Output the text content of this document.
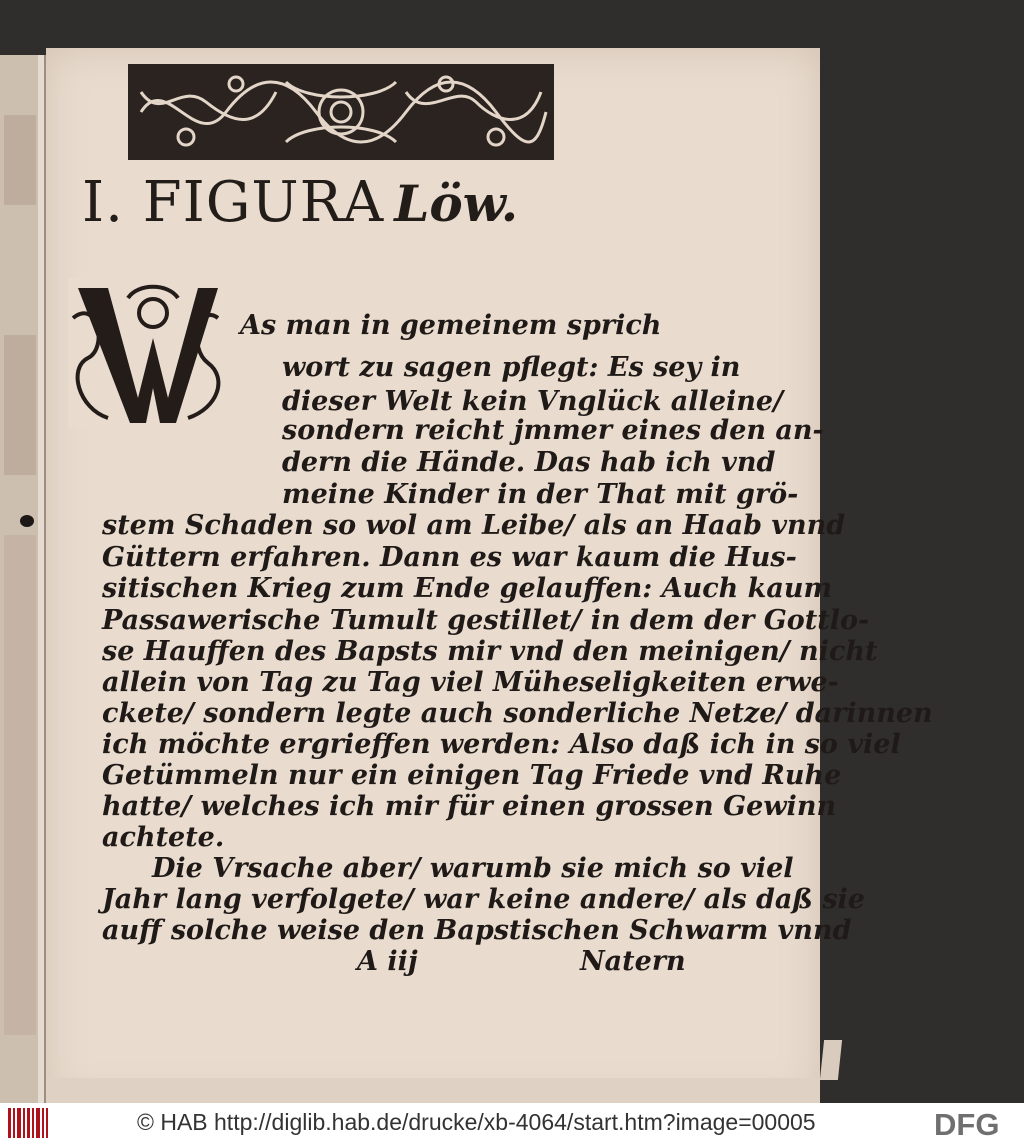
I. FIGURA Löw.
As man in gemeinem sprich
wort zu sagen pflegt: Es sey in
dieser Welt kein Vnglück alleine/
sondern reicht jmmer eines den an-
dern die Hände. Das hab ich vnd
meine Kinder in der That mit grö-
stem Schaden so wol am Leibe/ als an Haab vnnd
Güttern erfahren. Dann es war kaum die Hus-
sitischen Krieg zum Ende gelauffen: Auch kaum
Passawerische Tumult gestillet/ in dem der Gottlo-
se Hauffen des Bapsts mir vnd den meinigen/ nicht
allein von Tag zu Tag viel Müheseligkeiten erwe-
ckete/ sondern legte auch sonderliche Netze/ darinnen
ich möchte ergrieffen werden: Also daß ich in so viel
Getümmeln nur ein einigen Tag Friede vnd Ruhe
hatte/ welches ich mir für einen grossen Gewinn
achtete.
Die Vrsache aber/ warumb sie mich so viel
Jahr lang verfolgete/ war keine andere/ als daß sie
auff solche weise den Bapstischen Schwarm vnnd
A iij	Natern
© HAB http://diglib.hab.de/drucke/xb-4064/start.htm?image=00005	DFG
